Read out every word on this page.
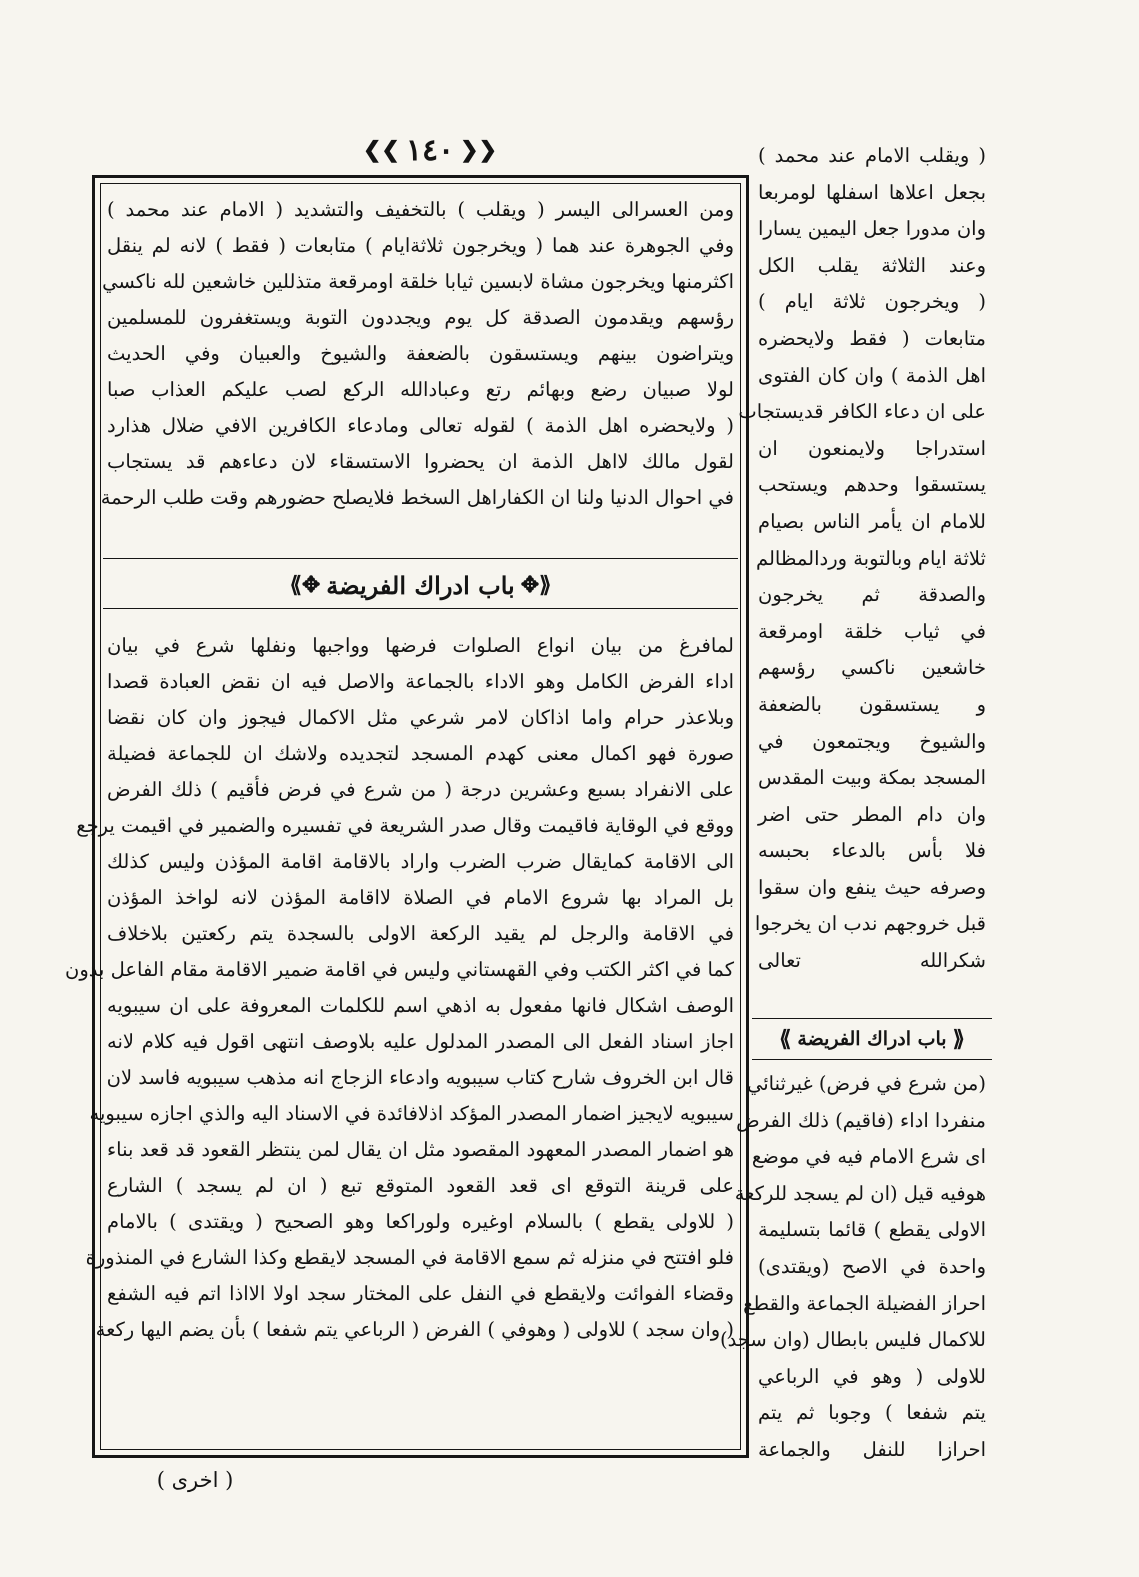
❮❮
١٤٠
❯❯
ومن العسرالى اليسر ( ويقلب ) بالتخفيف والتشديد ( الامام عند محمد )
وفي الجوهرة عند هما ( ويخرجون ثلاثةايام ) متابعات ( فقط ) لانه لم ينقل
اكثرمنها ويخرجون مشاة لابسين ثيابا خلقة اومرقعة متذللين خاشعين لله ناكسي
رؤسهم ويقدمون الصدقة كل يوم ويجددون التوبة ويستغفرون للمسلمين
ويتراضون بينهم ويستسقون بالضعفة والشيوخ والعبيان وفي الحديث
لولا صبيان رضع وبهائم رتع وعبادالله الركع لصب عليكم العذاب صبا
( ولايحضره اهل الذمة ) لقوله تعالى ومادعاء الكافرين الافي ضلال هذارد
لقول مالك لااهل الذمة ان يحضروا الاستسقاء لان دعاءهم قد يستجاب
في احوال الدنيا ولنا ان الكفاراهل السخط فلايصلح حضورهم وقت طلب الرحمة
⟪✥
باب ادراك الفريضة
✥⟫
لمافرغ من بيان انواع الصلوات فرضها وواجبها ونفلها شرع في بيان
اداء الفرض الكامل وهو الاداء بالجماعة والاصل فيه ان نقض العبادة قصدا
وبلاعذر حرام واما اذاكان لامر شرعي مثل الاكمال فيجوز وان كان نقضا
صورة فهو اكمال معنى كهدم المسجد لتجديده ولاشك ان للجماعة فضيلة
على الانفراد بسبع وعشرين درجة ( من شرع في فرض فأقيم ) ذلك الفرض
ووقع في الوقاية فاقيمت وقال صدر الشريعة في تفسيره والضمير في اقيمت يرجع
الى الاقامة كمايقال ضرب الضرب واراد بالاقامة اقامة المؤذن وليس كذلك
بل المراد بها شروع الامام في الصلاة لااقامة المؤذن لانه لواخذ المؤذن
في الاقامة والرجل لم يقيد الركعة الاولى بالسجدة يتم ركعتين بلاخلاف
كما في اكثر الكتب وفي القهستاني وليس في اقامة ضمير الاقامة مقام الفاعل بدون
الوصف اشكال فانها مفعول به اذهي اسم للكلمات المعروفة على ان سيبويه
اجاز اسناد الفعل الى المصدر المدلول عليه بلاوصف انتهى اقول فيه كلام لانه
قال ابن الخروف شارح كتاب سيبويه وادعاء الزجاج انه مذهب سيبويه فاسد لان
سيبويه لايجيز اضمار المصدر المؤكد اذلافائدة في الاسناد اليه والذي اجازه سيبويه
هو اضمار المصدر المعهود المقصود مثل ان يقال لمن ينتظر القعود قد قعد بناء
على قرينة التوقع اى قعد القعود المتوقع تبع ( ان لم يسجد ) الشارع
( للاولى يقطع ) بالسلام اوغيره ولوراكعا وهو الصحيح ( ويقتدى ) بالامام
فلو افتتح في منزله ثم سمع الاقامة في المسجد لايقطع وكذا الشارع في المنذورة
وقضاء الفوائت ولايقطع في النفل على المختار سجد اولا الااذا اتم فيه الشفع
( وان سجد ) للاولى ( وهوفي ) الفرض ( الرباعي يتم شفعا ) بأن يضم اليها ركعة
( ويقلب الامام عند محمد )
بجعل اعلاها اسفلها لومربعا
وان مدورا جعل اليمين يسارا
وعند الثلاثة يقلب الكل
( ويخرجون ثلاثة ايام )
متابعات ( فقط ولايحضره
اهل الذمة ) وان كان الفتوى
على ان دعاء الكافر قديستجاب
استدراجا ولايمنعون ان
يستسقوا وحدهم ويستحب
للامام ان يأمر الناس بصيام
ثلاثة ايام وبالتوبة وردالمظالم
والصدقة ثم يخرجون
في ثياب خلقة اومرقعة
خاشعين ناكسي رؤسهم
و يستسقون بالضعفة
والشيوخ ويجتمعون في
المسجد بمكة وبيت المقدس
وان دام المطر حتى اضر
فلا بأس بالدعاء بحبسه
وصرفه حيث ينفع وان سقوا
قبل خروجهم ندب ان يخرجوا
شكرالله تعالى
⟪
باب ادراك الفريضة
⟫
(من شرع في فرض) غيرثنائي
منفردا اداء (فاقيم) ذلك الفرض
اى شرع الامام فيه في موضع
هوفيه قيل (ان لم يسجد للركعة
الاولى يقطع ) قائما بتسليمة
واحدة في الاصح (ويقتدى)
احراز الفضيلة الجماعة والقطع
للاكمال فليس بابطال (وان سجد)
للاولى ( وهو في الرباعي
يتم شفعا ) وجوبا ثم يتم
احرازا للنفل والجماعة
( اخرى )
